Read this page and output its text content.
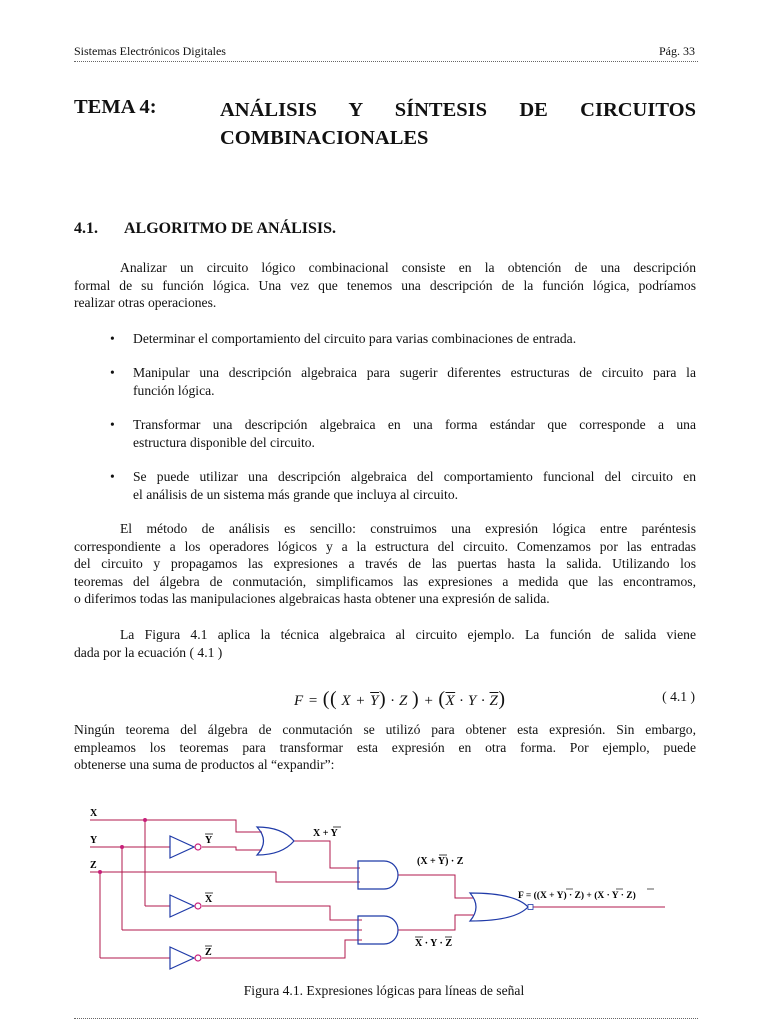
Sistemas Electrónicos Digitales	Pág. 33
TEMA 4:	ANÁLISIS Y SÍNTESIS DE CIRCUITOS
COMBINACIONALES
4.1. ALGORITMO DE ANÁLISIS.
Analizar un circuito lógico combinacional consiste en la obtención de una descripción
formal de su función lógica. Una vez que tenemos una descripción de la función lógica, podríamos
realizar otras operaciones.
• Determinar el comportamiento del circuito para varias combinaciones de entrada.
• Manipular una descripción algebraica para sugerir diferentes estructuras de circuito para la
función lógica.
• Transformar una descripción algebraica en una forma estándar que corresponde a una
estructura disponible del circuito.
• Se puede utilizar una descripción algebraica del comportamiento funcional del circuito en
el análisis de un sistema más grande que incluya al circuito.
El método de análisis es sencillo: construimos una expresión lógica entre paréntesis
correspondiente a los operadores lógicos y a la estructura del circuito. Comenzamos por las entradas
del circuito y propagamos las expresiones a través de las puertas hasta la salida. Utilizando los
teoremas del álgebra de conmutación, simplificamos las expresiones a medida que las encontramos,
o diferimos todas las manipulaciones algebraicas hasta obtener una expresión de salida.
La Figura 4.1 aplica la técnica algebraica al circuito ejemplo. La función de salida viene
dada por la ecuación ( 4.1 )
F = (( $X + \overline{Y}) \cdot Z$ ) + $(\overline{X} \cdot Y \cdot \overline{Z})$	( 4.1 )
Ningún teorema del álgebra de conmutación se utilizó para obtener esta expresión. Sin embargo,
empleamos los teoremas para transformar esta expresión en otra forma. Por ejemplo, puede
obtenerse una suma de productos al “expandir”:
X
Y
Z
Y
X
Z
X + Y
(X + Y) · Z
X · Y · Z
F = ((X + Y) · Z) + (X · Y · Z)
Figura 4.1. Expresiones lógicas para líneas de señal
